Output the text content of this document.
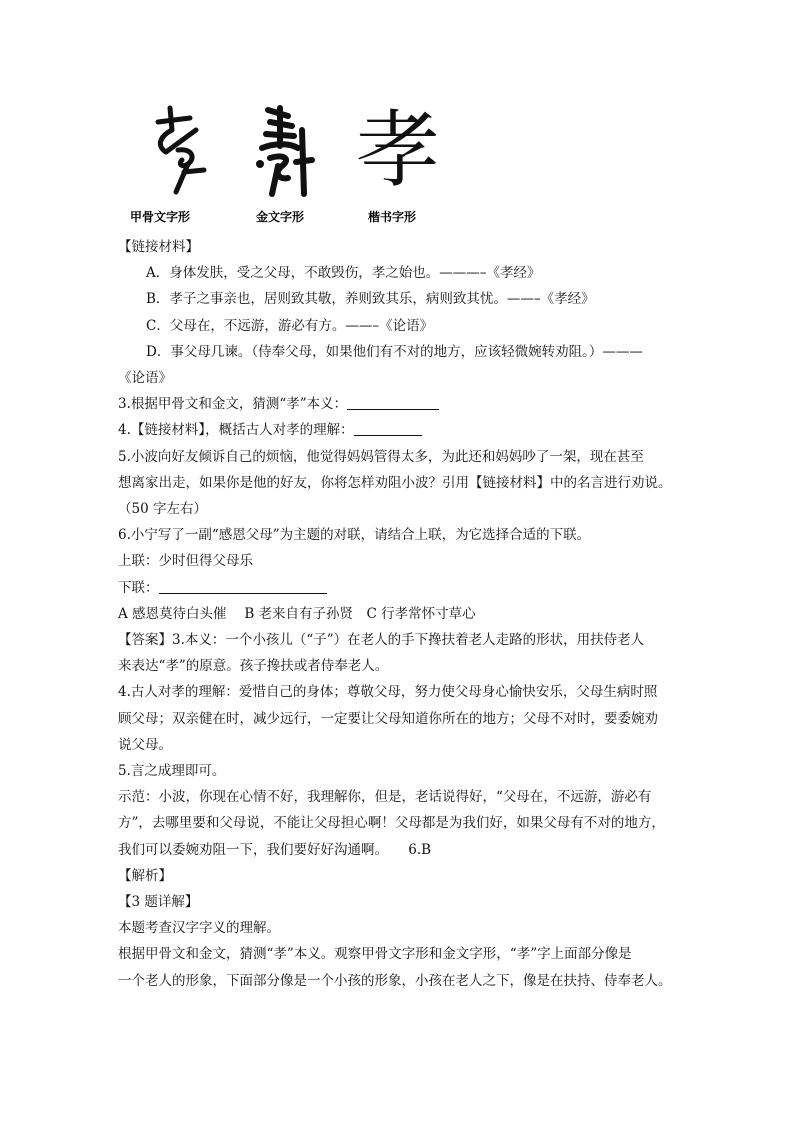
孝
甲骨文字形	金文字形	楷书字形
【链接材料】
A．身体发肤，受之父母，不敢毁伤，孝之始也。———–《孝经》
B．孝子之事亲也，居则致其敬，养则致其乐，病则致其忧。——–《孝经》
C．父母在，不远游，游必有方。——–《论语》
D．事父母几谏。（侍奉父母，如果他们有不对的地方，应该轻微婉转劝阻。）———
《论语》
3.根据甲骨文和金文，猜测“孝”本义：
4.【链接材料】，概括古人对孝的理解：
5.小波向好友倾诉自己的烦恼，他觉得妈妈管得太多，为此还和妈妈吵了一架，现在甚至
想离家出走，如果你是他的好友，你将怎样劝阻小波？引用【链接材料】中的名言进行劝说。
（50 字左右）
6.小宁写了一副“感恩父母”为主题的对联，请结合上联，为它选择合适的下联。
上联：少时但得父母乐
下联：
A 感恩莫待白头催　 B 老来自有子孙贤　C 行孝常怀寸草心
【答案】3.本义：一个小孩儿（“子”）在老人的手下搀扶着老人走路的形状，用扶侍老人
来表达“孝”的原意。孩子搀扶或者侍奉老人。
4.古人对孝的理解：爱惜自己的身体；尊敬父母，努力使父母身心愉快安乐，父母生病时照
顾父母；双亲健在时，减少远行，一定要让父母知道你所在的地方；父母不对时，要委婉劝
说父母。
5.言之成理即可。
示范：小波，你现在心情不好，我理解你，但是，老话说得好，“父母在，不远游，游必有
方”，去哪里要和父母说，不能让父母担心啊！父母都是为我们好，如果父母有不对的地方，
我们可以委婉劝阻一下，我们要好好沟通啊。　　6.B
【解析】
【3 题详解】
本题考查汉字字义的理解。
根据甲骨文和金文，猜测“孝”本义。观察甲骨文字形和金文字形，“孝”字上面部分像是
一个老人的形象，下面部分像是一个小孩的形象，小孩在老人之下，像是在扶持、侍奉老人。
